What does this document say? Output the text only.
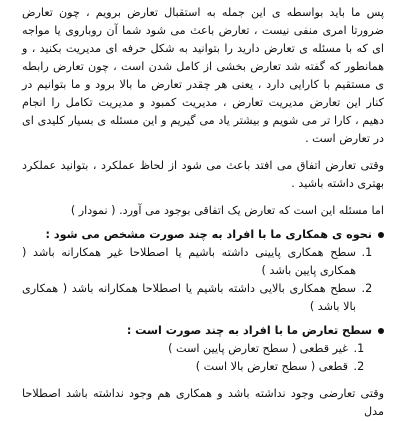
پس ما باید بواسطه ی این جمله به استقبال تعارض برویم ، چون تعارض ضرورتا امری منفی نیست ، تعارض باعث می شود شما آن روباروی یا مواجه ای که با مسئله ی تعارض دارید را بتوانید به شکل حرفه ای مدیریت بکنید ، و همانطور که گفته شد تعارض بخشی از کامل شدن است ، چون تعارض رابطه ی مستقیم با کارایی دارد ، یعنی هر چقدر تعارض ما بالا برود و ما بتوانیم در کنار این تعارض مدیریت تعارض ، مدیریت کمبود و مدیریت تکامل را انجام دهیم ، کارا تر می شویم و بیشتر یاد می گیریم و این مسئله ی بسیار کلیدی ای در تعارض است .

وقتی تعارض اتفاق می افتد باعث می شود از لحاظ عملکرد ، بتوانید عملکرد بهتری داشته باشید .

اما مسئله این است که تعارض یک اتفاقی بوجود می آورد. ( نمودار )

نحوه ی همکاری ما با افراد به چند صورت مشخص می شود :
1. سطح همکاری پایینی داشته باشیم یا اصطلاحا غیر همکارانه باشد ( همکاری پایین باشد )
2. سطح همکاری بالایی داشته باشیم یا اصطلاحا همکارانه باشد ( همکاری بالا باشد )
سطح تعارض ما با افراد به چند صورت است :
1. غیر قطعی ( سطح تعارض پایین است )
2. قطعی ( سطح تعارض بالا است )

وقتی تعارضی وجود نداشته باشد و همکاری هم وجود نداشته باشد اصطلاحا مدل
